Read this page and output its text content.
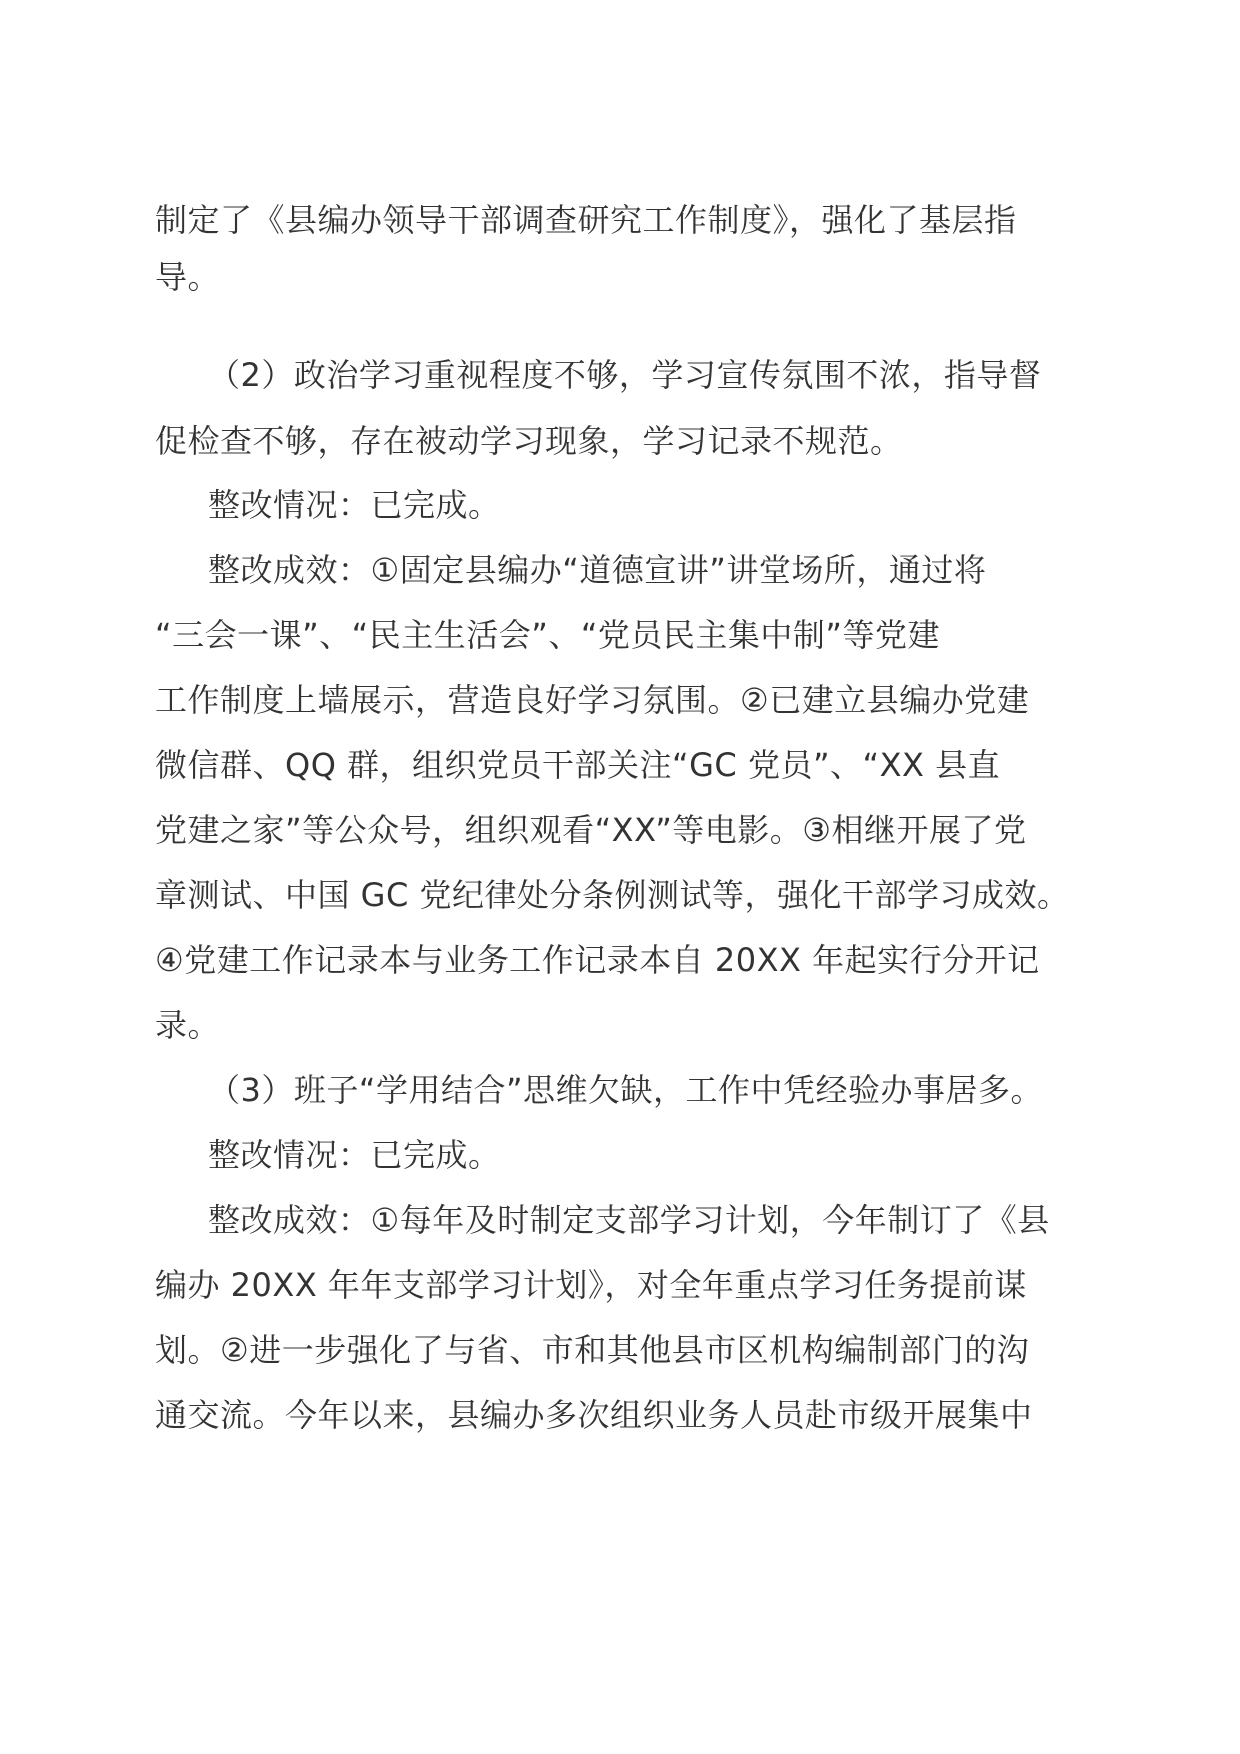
制定了《县编办领导干部调查研究工作制度》，强化了基层指
导。
（2）政治学习重视程度不够，学习宣传氛围不浓，指导督
促检查不够，存在被动学习现象，学习记录不规范。
整改情况：已完成。
整改成效：①固定县编办“道德宣讲”讲堂场所，通过将
“三会一课”、“民主生活会”、“党员民主集中制”等党建
工作制度上墙展示，营造良好学习氛围。②已建立县编办党建
微信群、QQ 群，组织党员干部关注“GC 党员”、“XX 县直
党建之家”等公众号，组织观看“XX”等电影。③相继开展了党
章测试、中国 GC 党纪律处分条例测试等，强化干部学习成效。
④党建工作记录本与业务工作记录本自 20XX 年起实行分开记
录。
（3）班子“学用结合”思维欠缺，工作中凭经验办事居多。
整改情况：已完成。
整改成效：①每年及时制定支部学习计划，今年制订了《县
编办 20XX 年年支部学习计划》，对全年重点学习任务提前谋
划。②进一步强化了与省、市和其他县市区机构编制部门的沟
通交流。今年以来，县编办多次组织业务人员赴市级开展集中
